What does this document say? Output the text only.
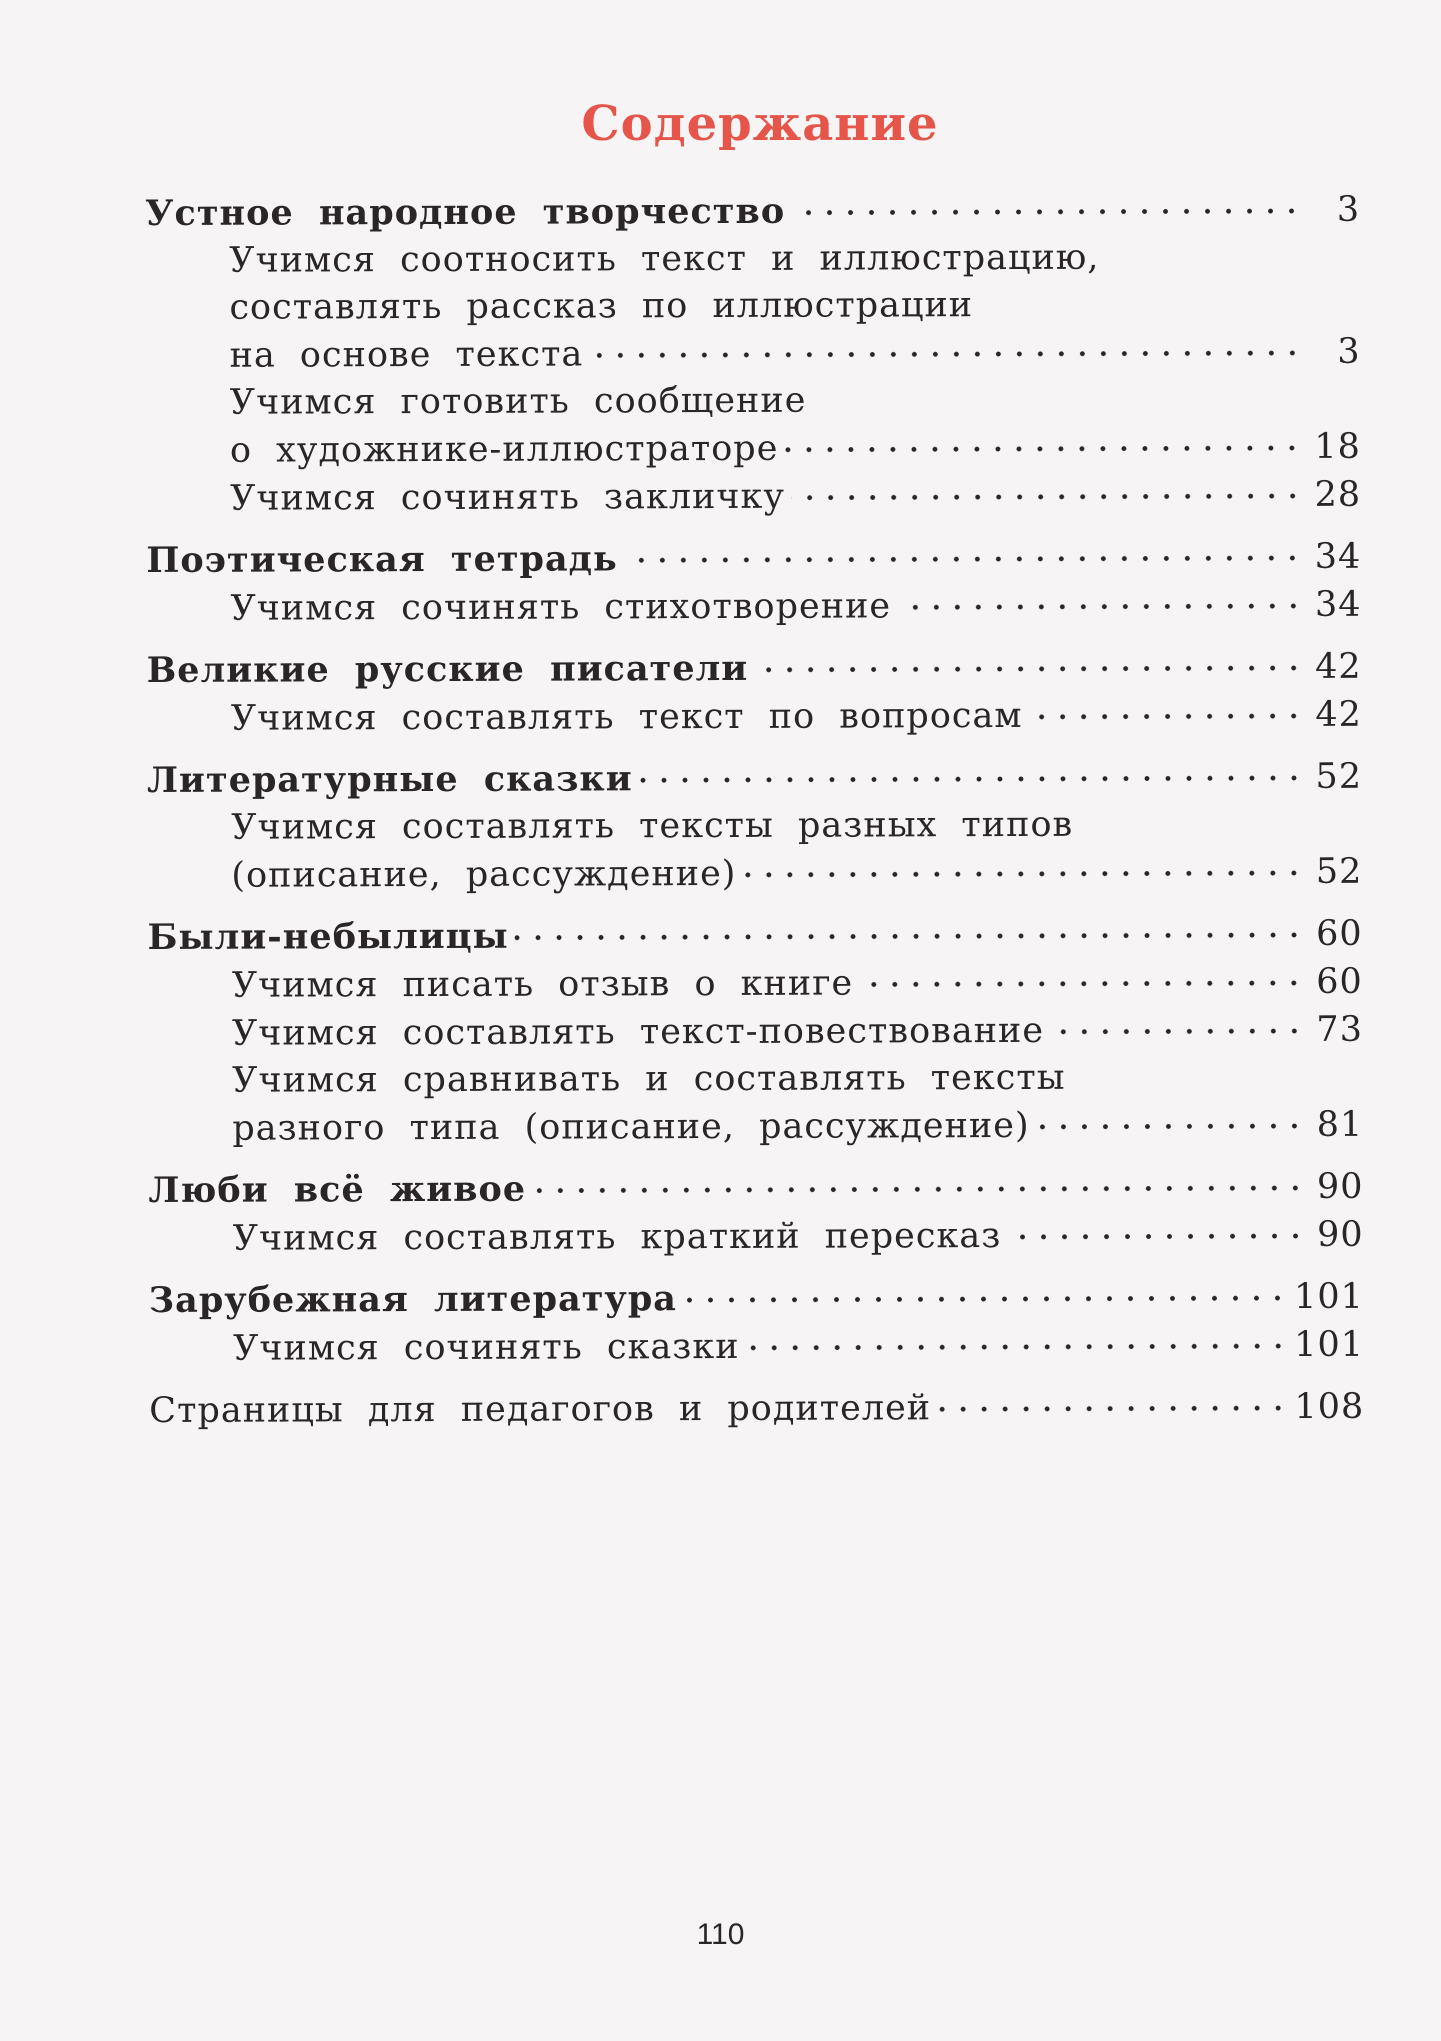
Содержание
Устное народное творчество	3
Учимся соотносить текст и иллюстрацию,
составлять рассказ по иллюстрации
на основе текста	3
Учимся готовить сообщение
о художнике-иллюстраторе	18
Учимся сочинять закличку	28
Поэтическая тетрадь	34
Учимся сочинять стихотворение	34
Великие русские писатели	42
Учимся составлять текст по вопросам	42
Литературные сказки	52
Учимся составлять тексты разных типов
(описание, рассуждение)	52
Были-небылицы	60
Учимся писать отзыв о книге	60
Учимся составлять текст-повествование	73
Учимся сравнивать и составлять тексты
разного типа (описание, рассуждение)	81
Люби всё живое	90
Учимся составлять краткий пересказ	90
Зарубежная литература	101
Учимся сочинять сказки	101
Страницы для педагогов и родителей	108
110
